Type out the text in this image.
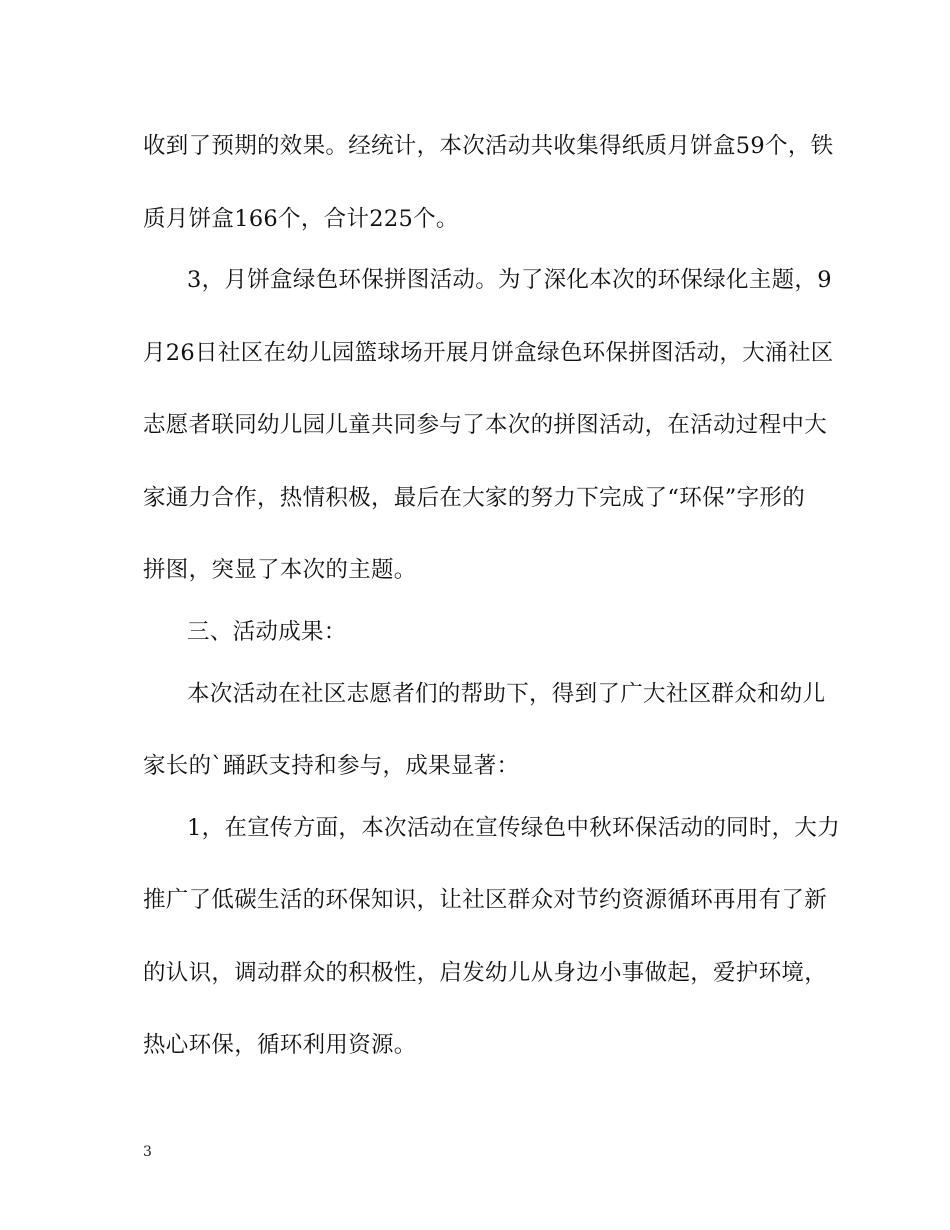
收到了预期的效果。经统计，本次活动共收集得纸质月饼盒59个，铁
质月饼盒166个，合计225个。
3，月饼盒绿色环保拼图活动。为了深化本次的环保绿化主题，9
月26日社区在幼儿园篮球场开展月饼盒绿色环保拼图活动，大涌社区
志愿者联同幼儿园儿童共同参与了本次的拼图活动，在活动过程中大
家通力合作，热情积极，最后在大家的努力下完成了“环保”字形的
拼图，突显了本次的主题。
三、活动成果：
本次活动在社区志愿者们的帮助下，得到了广大社区群众和幼儿
家长的`踊跃支持和参与，成果显著：
1，在宣传方面，本次活动在宣传绿色中秋环保活动的同时，大力
推广了低碳生活的环保知识，让社区群众对节约资源循环再用有了新
的认识，调动群众的积极性，启发幼儿从身边小事做起，爱护环境，
热心环保，循环利用资源。
3
